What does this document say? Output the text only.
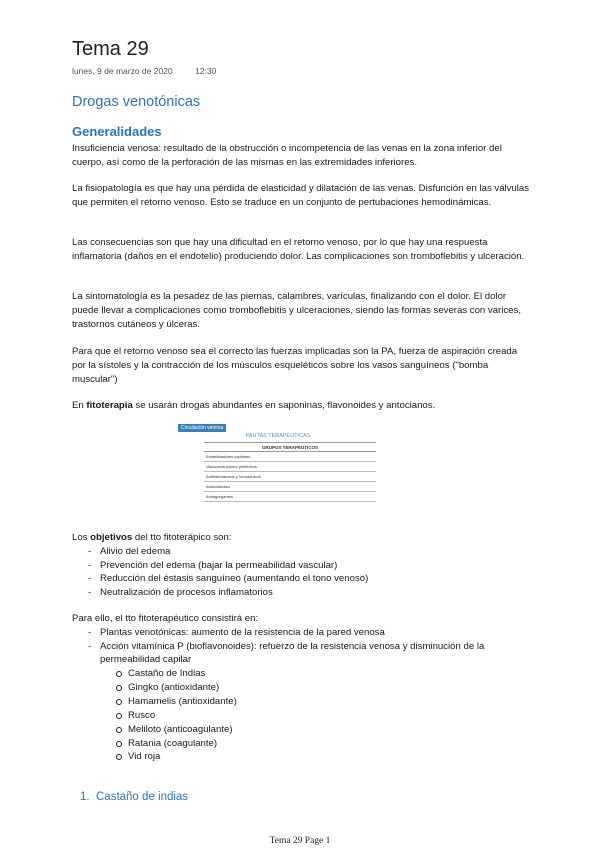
Tema 29
lunes, 9 de marzo de 2020	12:30
Drogas venotónicas
Generalidades

Insuficiencia venosa: resultado de la obstrucción o incompetencia de las venas en la zona inferior del cuerpo, así como de la perforación de las mismas en las extremidades inferiores.

La fisiopatología es que hay una pérdida de elasticidad y dilatación de las venas. Disfunción en las válvulas que permiten el retorno venoso. Esto se traduce en un conjunto de pertubaciones hemodinámicas.

Las consecuencias son que hay una dificultad en el retorno venoso, por lo que hay una respuesta inflamatoria (daños en el endotelio) produciendo dolor. Las complicaciones son tromboflebitis y ulceración.

La sintomatología es la pesadez de las piernas, calambres, varículas, finalizando con el dolor. El dolor puede llevar a complicaciones como tromboflebitis y ulceraciones, siendo las formas severas con varices, trastornos cutáneos y úlceras.

Para que el retorno venoso sea el correcto las fuerzas implicadas son la PA, fuerza de aspiración creada por la sístoles y la contracción de los músculos esqueléticos sobre los vasos sanguíneos ("bomba muscular")

En fitoterapia se usarán drogas abundantes en saponinas, flavonoides y antocianos.

Circulación venosa
PAUTAS TERAPÉUTICAS
GRUPOS TERAPÉUTICOS
Estabilizadores capilares
Vasoconstrictores periféricos
Antiedematosos y Venotónicos
Antioxidantes
Antiagregantes

Los objetivos del tto fitoterápico son:

- Alivio del edema
- Prevención del edema (bajar la permeabilidad vascular)
- Reducción del éstasis sanguíneo (aumentando el tono venoso)
- Neutralización de procesos inflamatorios

Para ello, el tto fitoterapéutico consistirá en:

- Plantas venotónicas: aumento de la resistencia de la pared venosa
- Acción vitamínica P (bioflavonoides): refuerzo de la resistencia venosa y disminución de la permeabilidad capilar
Castaño de Indias
Gingko (antioxidante)
Hamamelis (antioxidante)
Rusco
Meliloto (anticoagulante)
Ratania (coagulante)
Vid roja
1. Castaño de indias
Tema 29 Page 1
